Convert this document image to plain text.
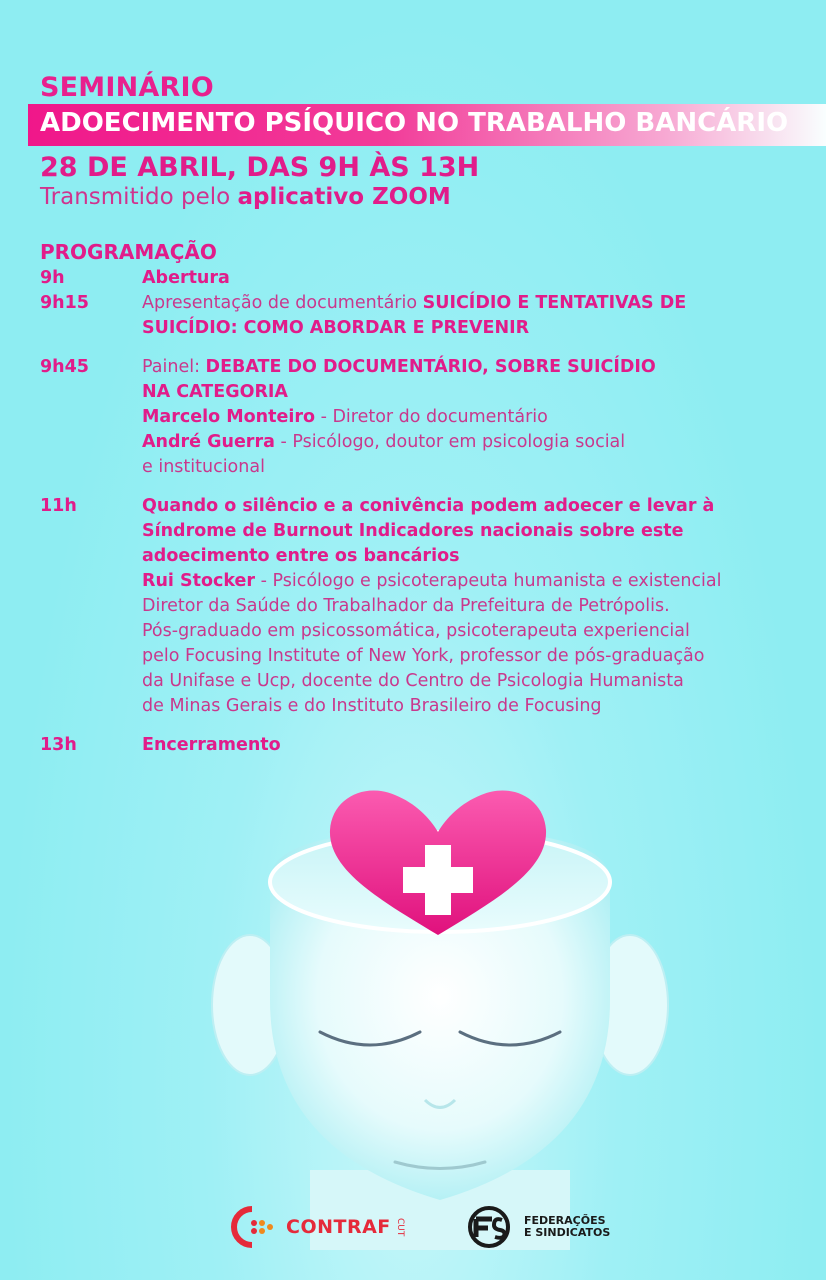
SEMINÁRIO
ADOECIMENTO PSÍQUICO NO TRABALHO BANCÁRIO
28 DE ABRIL, DAS 9H ÀS 13H
Transmitido pelo aplicativo ZOOM
PROGRAMAÇÃO
9h	Abertura
9h15	Apresentação de documentário SUICÍDIO E TENTATIVAS DE
SUICÍDIO: COMO ABORDAR E PREVENIR
9h45	Painel: DEBATE DO DOCUMENTÁRIO, SOBRE SUICÍDIO
NA CATEGORIA
Marcelo Monteiro - Diretor do documentário
André Guerra - Psicólogo, doutor em psicologia social
e institucional
11h	Quando o silêncio e a conivência podem adoecer e levar à
Síndrome de Burnout Indicadores nacionais sobre este
adoecimento entre os bancários
Rui Stocker - Psicólogo e psicoterapeuta humanista e existencial
Diretor da Saúde do Trabalhador da Prefeitura de Petrópolis.
Pós-graduado em psicossomática, psicoterapeuta experiencial
pelo Focusing Institute of New York, professor de pós-graduação
da Unifase e Ucp, docente do Centro de Psicologia Humanista
de Minas Gerais e do Instituto Brasileiro de Focusing
13h	Encerramento
CONTRAF CUT	FEDERAÇÕES
E SINDICATOS
